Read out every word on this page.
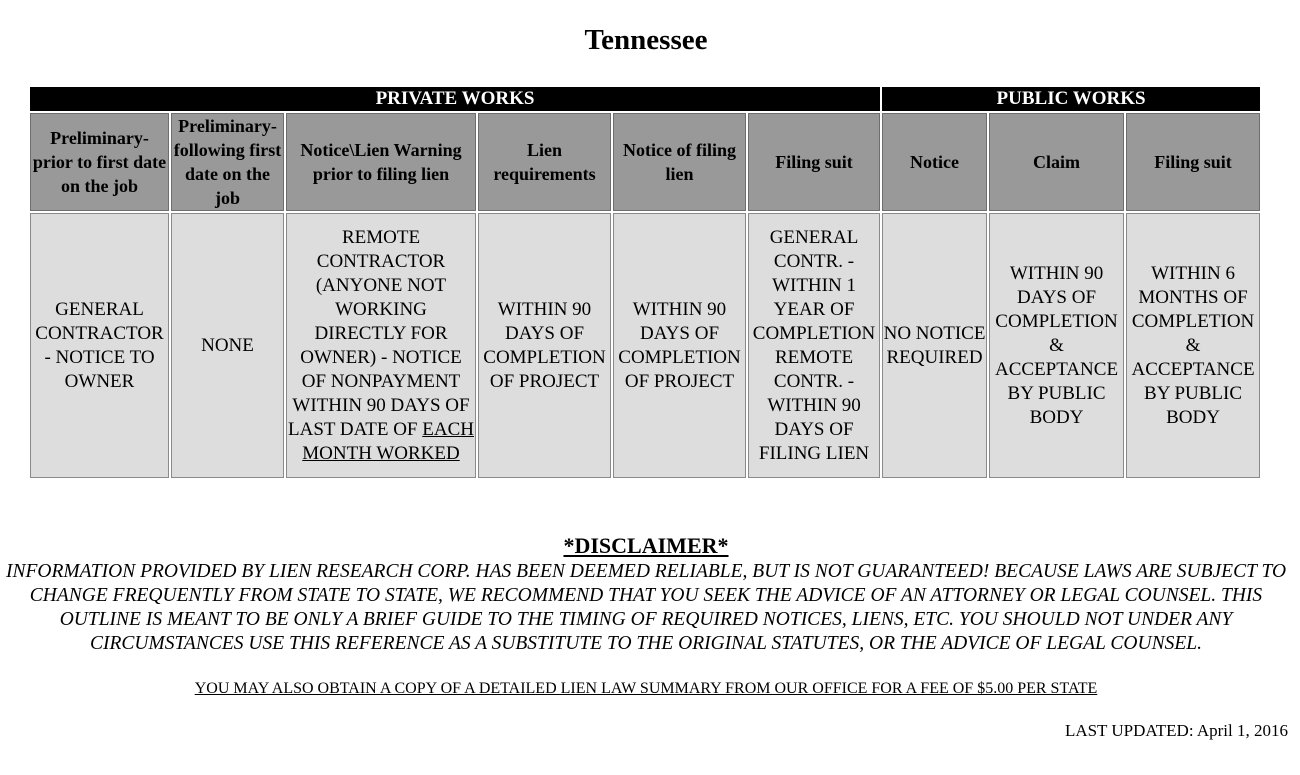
Tennessee
PRIVATE WORKS						PUBLIC WORKS		
Preliminary-prior to first date on the job	Preliminary-following first date on the job	Notice\Lien Warning prior to filing lien	Lien requirements	Notice of filing lien	Filing suit	Notice	Claim	Filing suit
GENERAL CONTRACTOR - NOTICE TO OWNER	NONE	REMOTE CONTRACTOR (ANYONE NOT WORKING DIRECTLY FOR OWNER) - NOTICE OF NONPAYMENT WITHIN 90 DAYS OF LAST DATE OF EACH MONTH WORKED	WITHIN 90 DAYS OF COMPLETION OF PROJECT	WITHIN 90 DAYS OF COMPLETION OF PROJECT	GENERAL CONTR. - WITHIN 1 YEAR OF COMPLETION REMOTE CONTR. - WITHIN 90 DAYS OF FILING LIEN	NO NOTICE REQUIRED	WITHIN 90 DAYS OF COMPLETION & ACCEPTANCE BY PUBLIC BODY	WITHIN 6 MONTHS OF COMPLETION & ACCEPTANCE BY PUBLIC BODY
*DISCLAIMER*
INFORMATION PROVIDED BY LIEN RESEARCH CORP. HAS BEEN DEEMED RELIABLE, BUT IS NOT GUARANTEED! BECAUSE LAWS ARE SUBJECT TO CHANGE FREQUENTLY FROM STATE TO STATE, WE RECOMMEND THAT YOU SEEK THE ADVICE OF AN ATTORNEY OR LEGAL COUNSEL. THIS OUTLINE IS MEANT TO BE ONLY A BRIEF GUIDE TO THE TIMING OF REQUIRED NOTICES, LIENS, ETC. YOU SHOULD NOT UNDER ANY CIRCUMSTANCES USE THIS REFERENCE AS A SUBSTITUTE TO THE ORIGINAL STATUTES, OR THE ADVICE OF LEGAL COUNSEL.
YOU MAY ALSO OBTAIN A COPY OF A DETAILED LIEN LAW SUMMARY FROM OUR OFFICE FOR A FEE OF $5.00 PER STATE
LAST UPDATED: April 1, 2016
